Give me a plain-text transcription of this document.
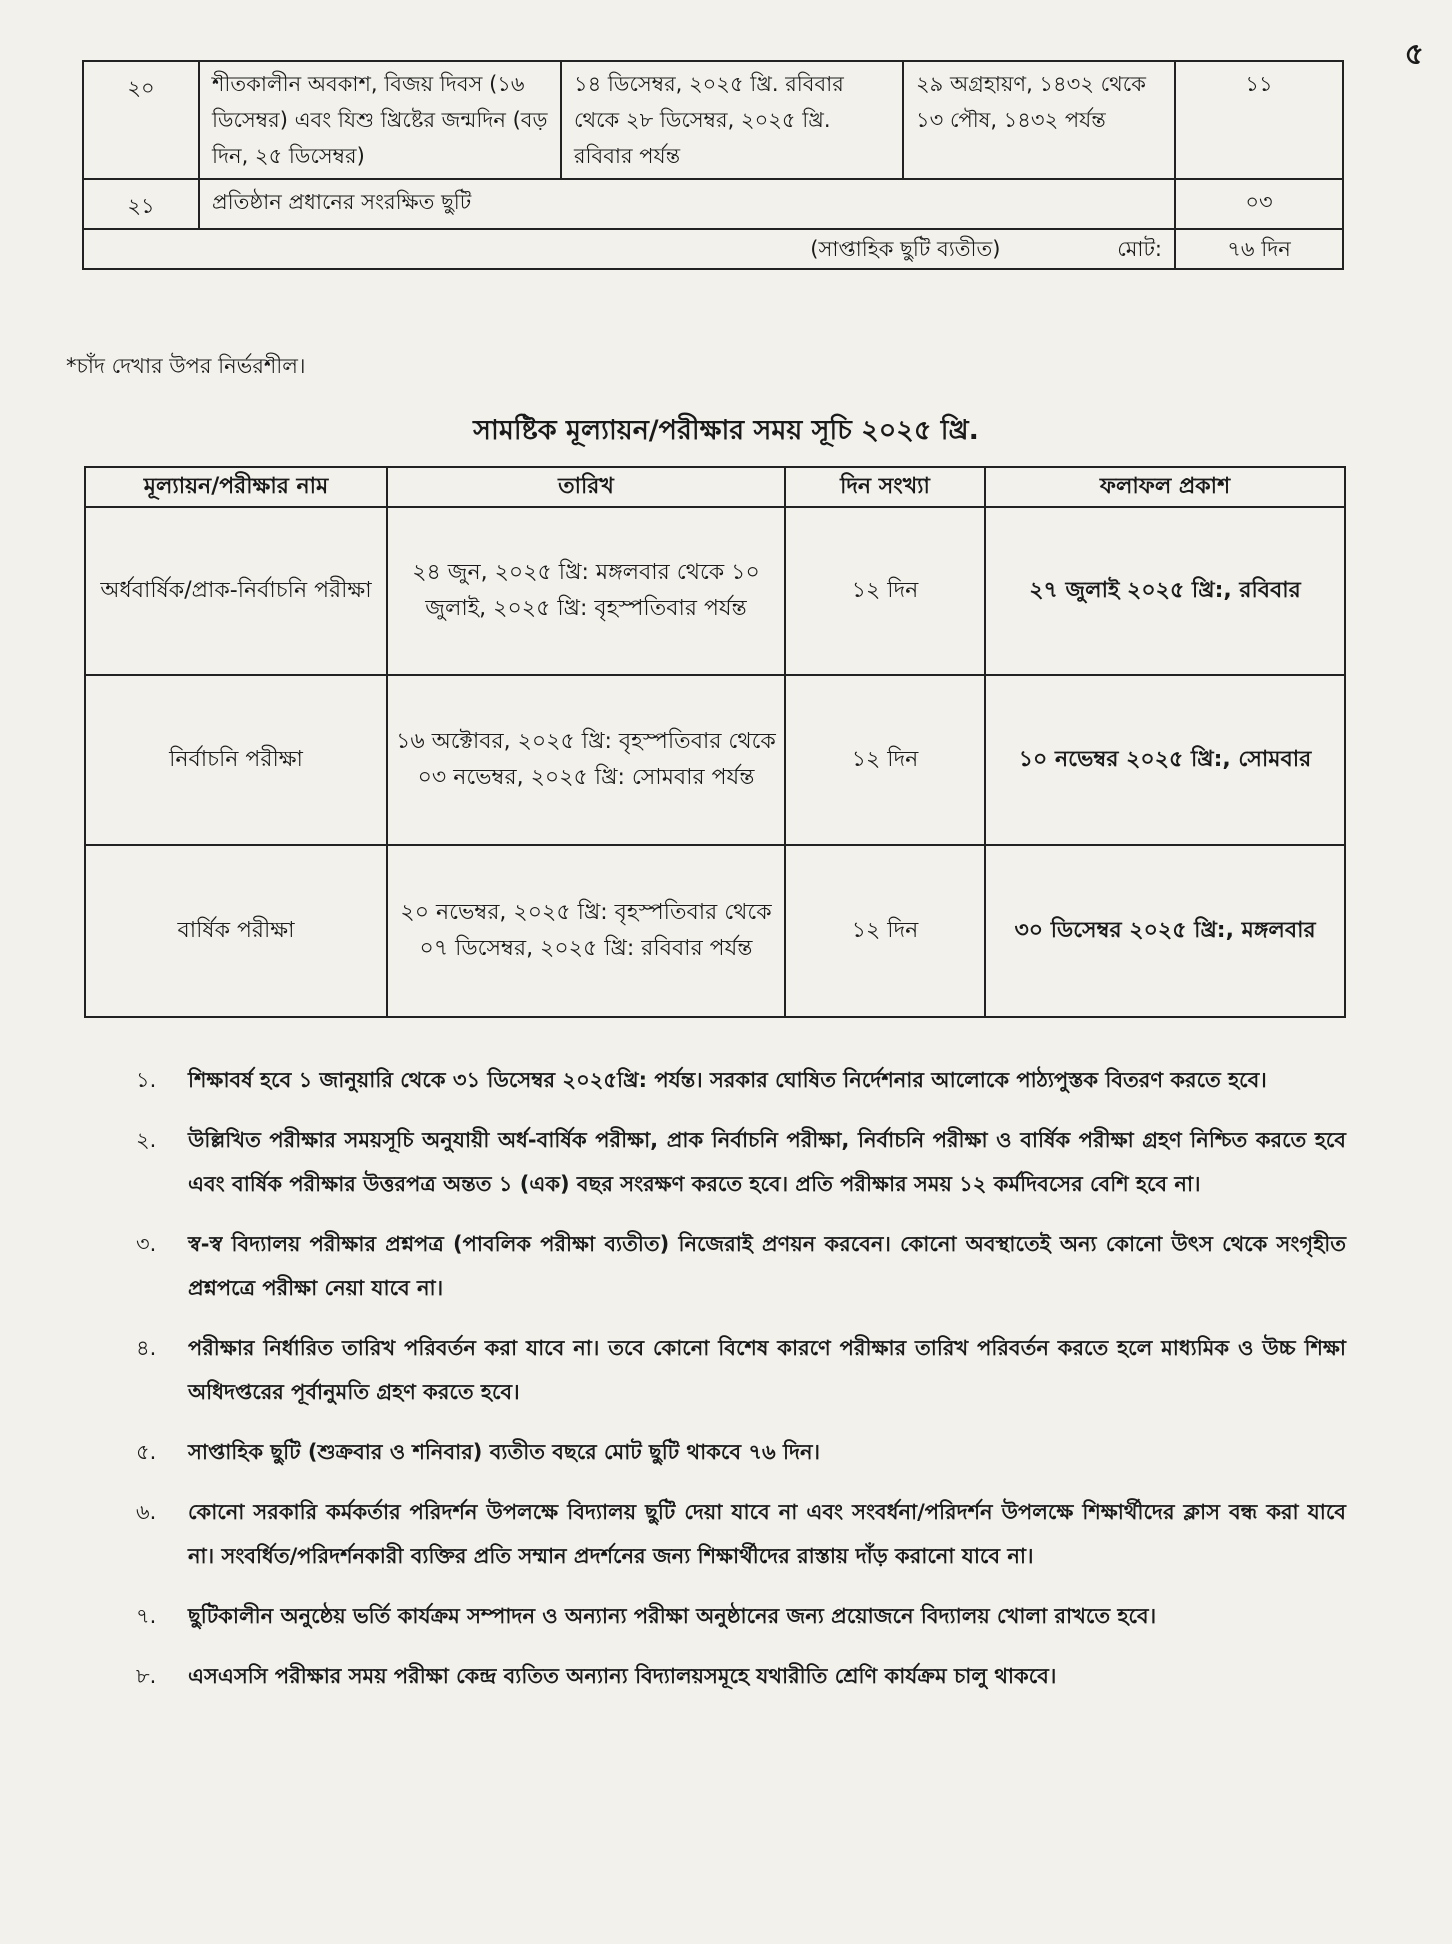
৫
২০	শীতকালীন অবকাশ, বিজয় দিবস (১৬ ডিসেম্বর) এবং যিশু খ্রিষ্টের জন্মদিন (বড় দিন, ২৫ ডিসেম্বর)	১৪ ডিসেম্বর, ২০২৫ খ্রি. রবিবার থেকে ২৮ ডিসেম্বর, ২০২৫ খ্রি. রবিবার পর্যন্ত	২৯ অগ্রহায়ণ, ১৪৩২ থেকে ১৩ পৌষ, ১৪৩২ পর্যন্ত	১১
২১	প্রতিষ্ঠান প্রধানের সংরক্ষিত ছুটি			০৩
(সাপ্তাহিক ছুটি ব্যতীত) মোট:				৭৬ দিন
*চাঁদ দেখার উপর নির্ভরশীল।
সামষ্টিক মূল্যায়ন/পরীক্ষার সময় সূচি ২০২৫ খ্রি.
মূল্যায়ন/পরীক্ষার নাম	তারিখ	দিন সংখ্যা	ফলাফল প্রকাশ
অর্ধবার্ষিক/প্রাক-নির্বাচনি পরীক্ষা	২৪ জুন, ২০২৫ খ্রি: মঙ্গলবার থেকে ১০ জুলাই, ২০২৫ খ্রি: বৃহস্পতিবার পর্যন্ত	১২ দিন	২৭ জুলাই ২০২৫ খ্রি:, রবিবার
নির্বাচনি পরীক্ষা	১৬ অক্টোবর, ২০২৫ খ্রি: বৃহস্পতিবার থেকে ০৩ নভেম্বর, ২০২৫ খ্রি: সোমবার পর্যন্ত	১২ দিন	১০ নভেম্বর ২০২৫ খ্রি:, সোমবার
বার্ষিক পরীক্ষা	২০ নভেম্বর, ২০২৫ খ্রি: বৃহস্পতিবার থেকে ০৭ ডিসেম্বর, ২০২৫ খ্রি: রবিবার পর্যন্ত	১২ দিন	৩০ ডিসেম্বর ২০২৫ খ্রি:, মঙ্গলবার
১. শিক্ষাবর্ষ হবে ১ জানুয়ারি থেকে ৩১ ডিসেম্বর ২০২৫খ্রি: পর্যন্ত। সরকার ঘোষিত নির্দেশনার আলোকে পাঠ্যপুস্তক বিতরণ করতে হবে।
২. উল্লিখিত পরীক্ষার সময়সূচি অনুযায়ী অর্ধ-বার্ষিক পরীক্ষা, প্রাক নির্বাচনি পরীক্ষা, নির্বাচনি পরীক্ষা ও বার্ষিক পরীক্ষা গ্রহণ নিশ্চিত করতে হবে এবং বার্ষিক পরীক্ষার উত্তরপত্র অন্তত ১ (এক) বছর সংরক্ষণ করতে হবে। প্রতি পরীক্ষার সময় ১২ কর্মদিবসের বেশি হবে না।
৩. স্ব-স্ব বিদ্যালয় পরীক্ষার প্রশ্নপত্র (পাবলিক পরীক্ষা ব্যতীত) নিজেরাই প্রণয়ন করবেন। কোনো অবস্থাতেই অন্য কোনো উৎস থেকে সংগৃহীত প্রশ্নপত্রে পরীক্ষা নেয়া যাবে না।
৪. পরীক্ষার নির্ধারিত তারিখ পরিবর্তন করা যাবে না। তবে কোনো বিশেষ কারণে পরীক্ষার তারিখ পরিবর্তন করতে হলে মাধ্যমিক ও উচ্চ শিক্ষা অধিদপ্তরের পূর্বানুমতি গ্রহণ করতে হবে।
৫. সাপ্তাহিক ছুটি (শুক্রবার ও শনিবার) ব্যতীত বছরে মোট ছুটি থাকবে ৭৬ দিন।
৬. কোনো সরকারি কর্মকর্তার পরিদর্শন উপলক্ষে বিদ্যালয় ছুটি দেয়া যাবে না এবং সংবর্ধনা/পরিদর্শন উপলক্ষে শিক্ষার্থীদের ক্লাস বন্ধ করা যাবে না। সংবর্ধিত/পরিদর্শনকারী ব্যক্তির প্রতি সম্মান প্রদর্শনের জন্য শিক্ষার্থীদের রাস্তায় দাঁড় করানো যাবে না।
৭. ছুটিকালীন অনুষ্ঠেয় ভর্তি কার্যক্রম সম্পাদন ও অন্যান্য পরীক্ষা অনুষ্ঠানের জন্য প্রয়োজনে বিদ্যালয় খোলা রাখতে হবে।
৮. এসএসসি পরীক্ষার সময় পরীক্ষা কেন্দ্র ব্যতিত অন্যান্য বিদ্যালয়সমূহে যথারীতি শ্রেণি কার্যক্রম চালু থাকবে।
